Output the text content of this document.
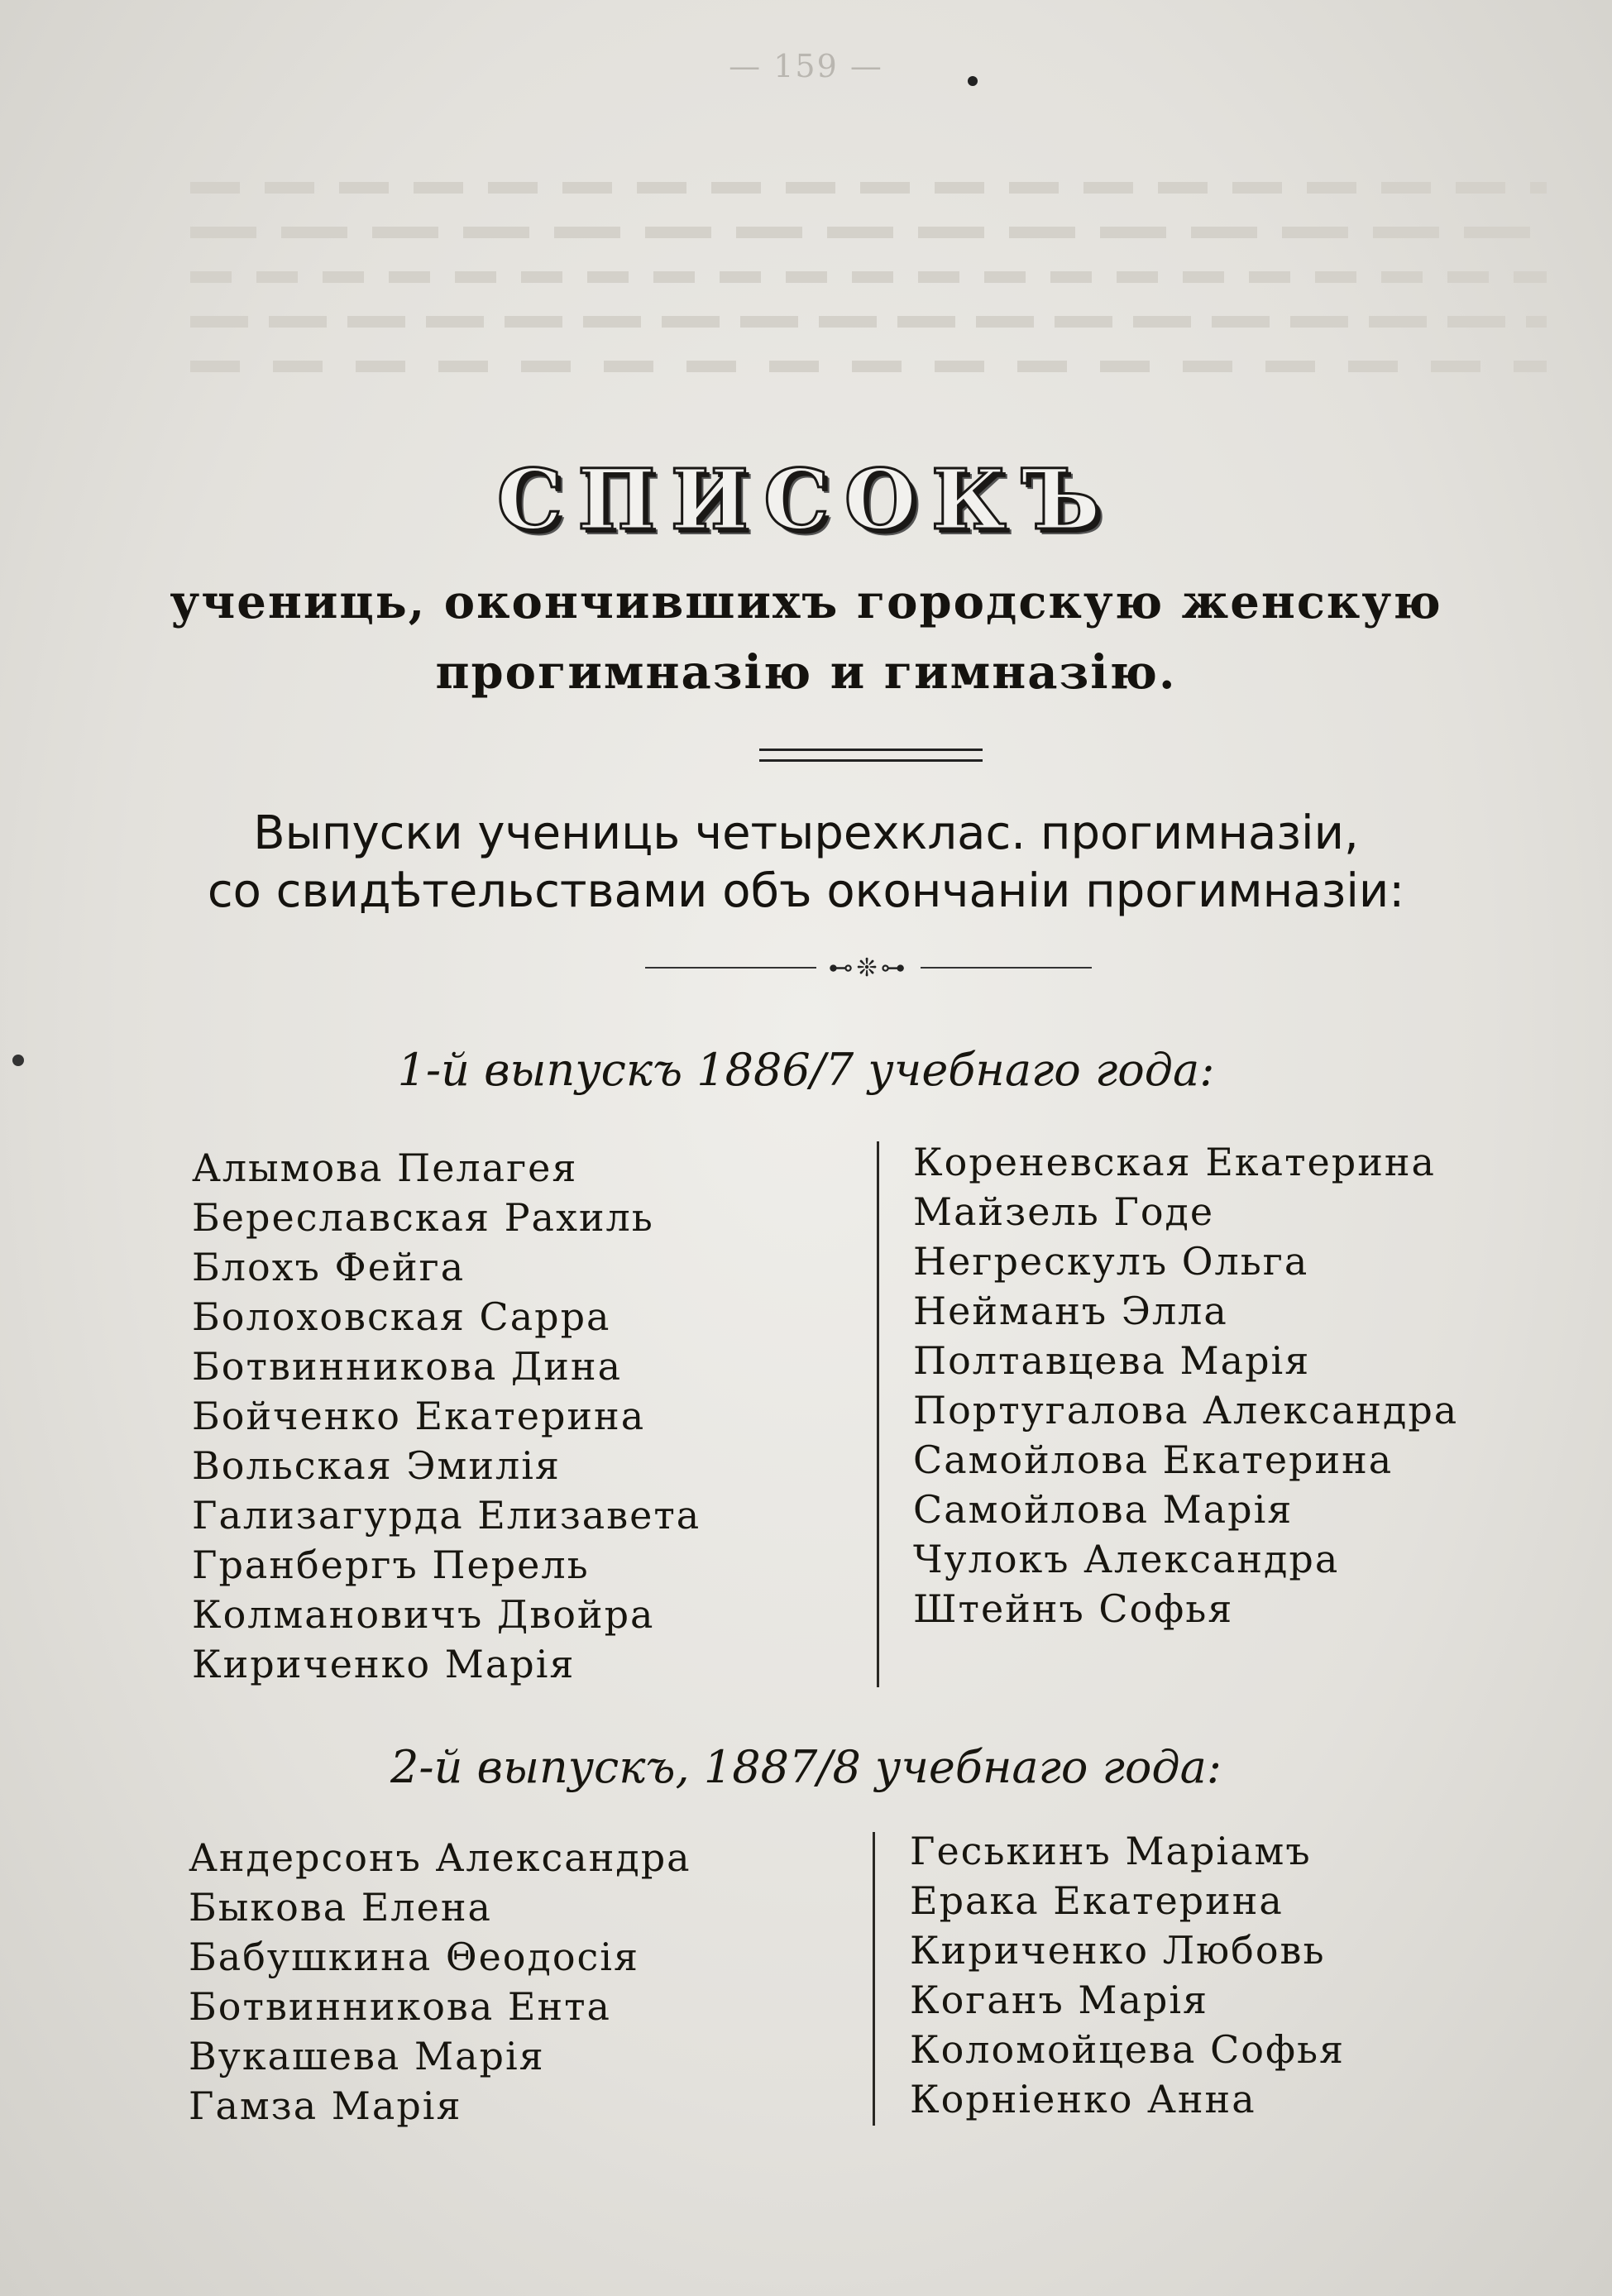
— 159 —
СПИСОКЪ
учениць, окончившихъ городскую женскую
прогимназію и гимназію.
Выпуски учениць четырехклас. прогимназіи,
со свидѣтельствами объ окончаніи прогимназіи:
⊷❊⊶
1-й выпускъ 1886/7 учебнаго года:
Алымова Пелагея
Береславская Рахиль
Блохъ Фейга
Болоховская Сарра
Ботвинникова Дина
Бойченко Екатерина
Вольская Эмилія
Гализагурда Елизавета
Гранбергъ Перель
Колмановичъ Двойра
Кириченко Марія
Кореневская Екатерина
Майзель Годе
Негрескулъ Ольга
Нейманъ Элла
Полтавцева Марія
Португалова Александра
Самойлова Екатерина
Самойлова Марія
Чулокъ Александра
Штейнъ Софья
2-й выпускъ, 1887/8 учебнаго года:
Андерсонъ Александра
Быкова Елена
Бабушкина Θеодосія
Ботвинникова Ента
Вукашева Марія
Гамза Марія
Геськинъ Маріамъ
Ерака Екатерина
Кириченко Любовь
Коганъ Марія
Коломойцева Софья
Корніенко Анна
